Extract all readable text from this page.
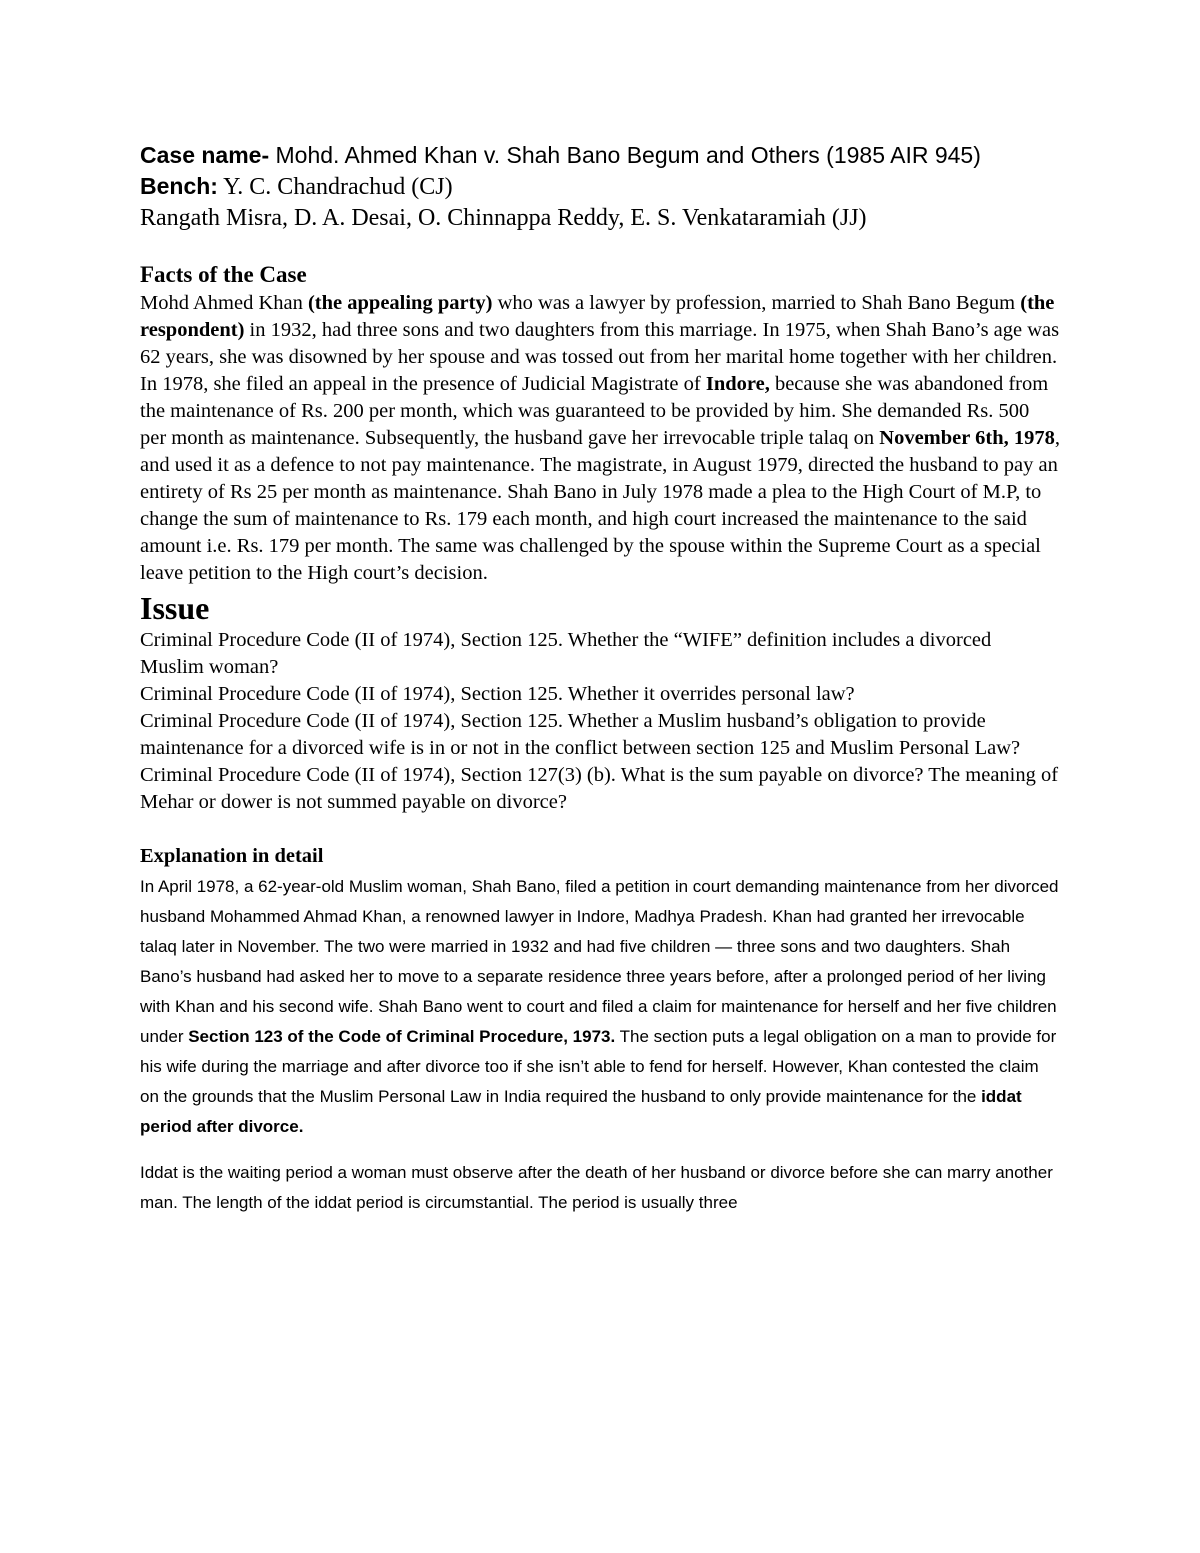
Case name- Mohd. Ahmed Khan v. Shah Bano Begum and Others (1985 AIR 945)

Bench: Y. C. Chandrachud (CJ)

Rangath Misra, D. A. Desai, O. Chinnappa Reddy, E. S. Venkataramiah (JJ)

Facts of the Case

Mohd Ahmed Khan (the appealing party) who was a lawyer by profession, married to Shah Bano Begum (the respondent) in 1932, had three sons and two daughters from this marriage. In 1975, when Shah Bano’s age was 62 years, she was disowned by her spouse and was tossed out from her marital home together with her children. In 1978, she filed an appeal in the presence of Judicial Magistrate of Indore, because she was abandoned from the maintenance of Rs. 200 per month, which was guaranteed to be provided by him. She demanded Rs. 500 per month as maintenance. Subsequently, the husband gave her irrevocable triple talaq on November 6th, 1978, and used it as a defence to not pay maintenance. The magistrate, in August 1979, directed the husband to pay an entirety of Rs 25 per month as maintenance. Shah Bano in July 1978 made a plea to the High Court of M.P, to change the sum of maintenance to Rs. 179 each month, and high court increased the maintenance to the said amount i.e. Rs. 179 per month. The same was challenged by the spouse within the Supreme Court as a special leave petition to the High court’s decision.

Issue
Criminal Procedure Code (II of 1974), Section 125. Whether the “WIFE” definition includes a divorced Muslim woman?
Criminal Procedure Code (II of 1974), Section 125. Whether it overrides personal law?
Criminal Procedure Code (II of 1974), Section 125. Whether a Muslim husband’s obligation to provide maintenance for a divorced wife is in or not in the conflict between section 125 and Muslim Personal Law?
Criminal Procedure Code (II of 1974), Section 127(3) (b). What is the sum payable on divorce? The meaning of Mehar or dower is not summed payable on divorce?
Explanation in detail

In April 1978, a 62-year-old Muslim woman, Shah Bano, filed a petition in court demanding maintenance from her divorced husband Mohammed Ahmad Khan, a renowned lawyer in Indore, Madhya Pradesh. Khan had granted her irrevocable talaq later in November. The two were married in 1932 and had five children — three sons and two daughters. Shah Bano’s husband had asked her to move to a separate residence three years before, after a prolonged period of her living with Khan and his second wife. Shah Bano went to court and filed a claim for maintenance for herself and her five children under Section 123 of the Code of Criminal Procedure, 1973. The section puts a legal obligation on a man to provide for his wife during the marriage and after divorce too if she isn’t able to fend for herself. However, Khan contested the claim on the grounds that the Muslim Personal Law in India required the husband to only provide maintenance for the iddat period after divorce.

Iddat is the waiting period a woman must observe after the death of her husband or divorce before she can marry another man. The length of the iddat period is circumstantial. The period is usually three
